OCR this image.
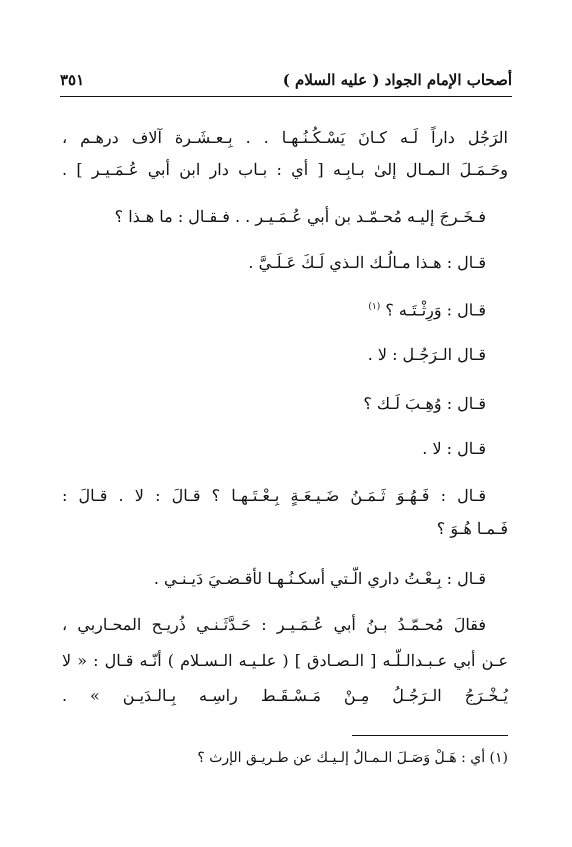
أصحاب الإمام الجواد ( عليه السلام )
٣٥١
الرَجُل داراً لَـه كـانَ يَسْـكُـنُـهـا . . بِـعـشَـرة آلاف درهـم ،
وحَـمَـلَ الـمـال إلىٰ بـابِـه [ أي : بـاب دار ابن أبي عُـمَـيـر ] .
فـخَـرجَ إليـه مُحـمّـد بن أبي عُـمَـيـر . . فـقـال : ما هـذا ؟
قـال : هـذا مـالُـك الـذي لَـكَ عَـلَـيَّ .
قـال : وَرِثْـتَـه ؟ $^{(١)}$
قـال الـرَجُـل : لا .
قـال : وُهِـبَ لَـك ؟
قـال : لا .
قـال : فَـهُـوَ ثَـمَـنُ ضَـيـعَـةٍ بِـعْـتَـهـا ؟ قـالَ : لا . قـالَ :
فَـمـا هُـوَ ؟
قـال : بِـعْـتُ داري الّـتي أسكـنُـهـا لأقـضـيَ دَيـنـي .
فقالَ مُحـمّـدُ بـنُ أبي عُـمَـيـر : حَـدَّثَـنـي ذُريـح المحـاربي ،
عـن أبي عـبـدالـلّـه [ الـصـادق ] ( علـيـه الـسـلام ) أنّـه قـال : « لا
يُـخْـرَجُ الـرَجُـلُ مِـنْ مَـسْـقَـط راسِـه بِـالـدَيـن » .
(١) أي : هَـلْ وَصَـلَ الـمـالُ إلـيـك عن طـريـق الإرث ؟
